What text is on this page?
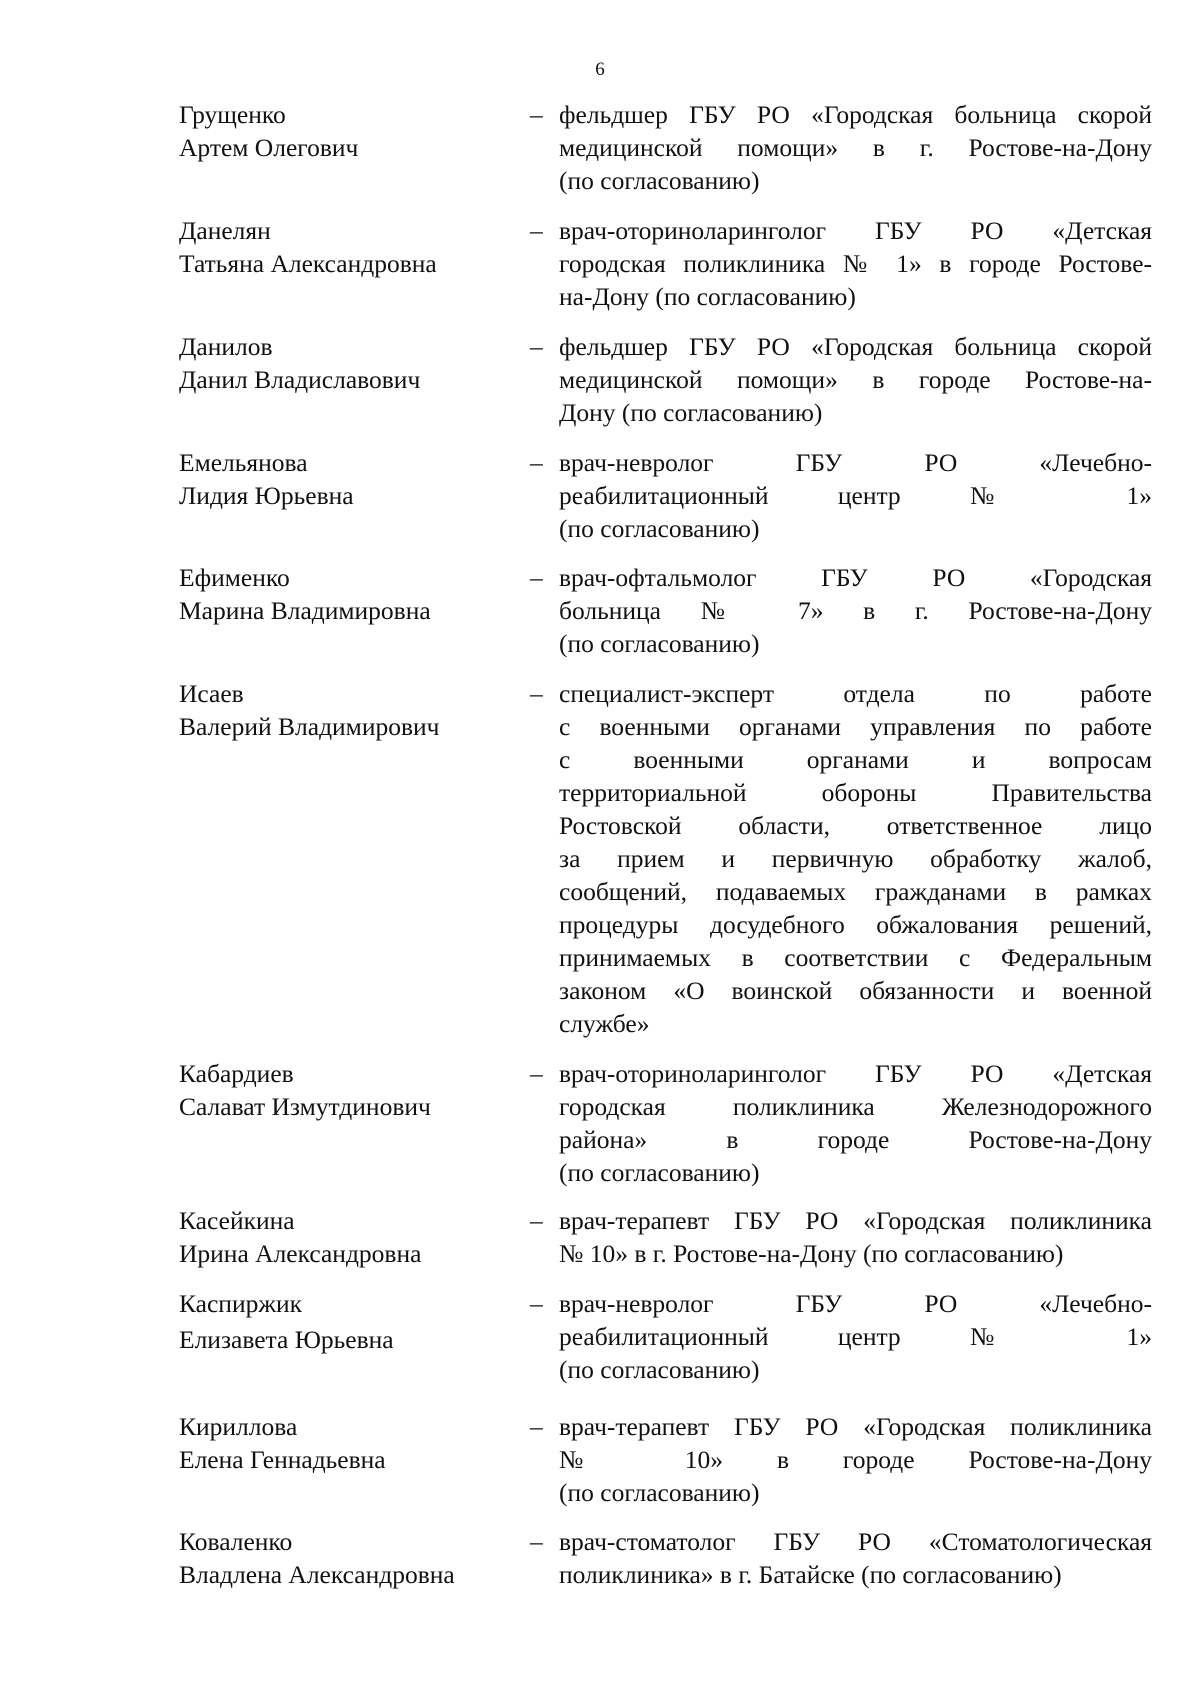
6
Грущенко
Артем Олегович
– фельдшер ГБУ РО «Городская больница скорой
медицинской помощи» в г. Ростове-на-Дону
(по согласованию)
Данелян
Татьяна Александровна
– врач-оториноларинголог ГБУ РО «Детская
городская поликлиника № 1» в городе Ростове-
на-Дону (по согласованию)
Данилов
Данил Владиславович
– фельдшер ГБУ РО «Городская больница скорой
медицинской помощи» в городе Ростове-на-
Дону (по согласованию)
Емельянова
Лидия Юрьевна
– врач-невролог ГБУ РО «Лечебно-
реабилитационный центр № 1»
(по согласованию)
Ефименко
Марина Владимировна
– врач-офтальмолог ГБУ РО «Городская
больница № 7» в г. Ростове-на-Дону
(по согласованию)
Исаев
Валерий Владимирович
– специалист-эксперт отдела по работе
с военными органами управления по работе
с военными органами и вопросам
территориальной обороны Правительства
Ростовской области, ответственное лицо
за прием и первичную обработку жалоб,
сообщений, подаваемых гражданами в рамках
процедуры досудебного обжалования решений,
принимаемых в соответствии с Федеральным
законом «О воинской обязанности и военной
службе»
Кабардиев
Салават Измутдинович
– врач-оториноларинголог ГБУ РО «Детская
городская поликлиника Железнодорожного
района» в городе Ростове-на-Дону
(по согласованию)
Касейкина
Ирина Александровна
– врач-терапевт ГБУ РО «Городская поликлиника
№ 10» в г. Ростове-на-Дону (по согласованию)
Каспиржик
Елизавета Юрьевна
– врач-невролог ГБУ РО «Лечебно-
реабилитационный центр № 1»
(по согласованию)
Кириллова
Елена Геннадьевна
– врач-терапевт ГБУ РО «Городская поликлиника
№ 10» в городе Ростове-на-Дону
(по согласованию)
Коваленко
Владлена Александровна
– врач-стоматолог ГБУ РО «Стоматологическая
поликлиника» в г. Батайске (по согласованию)
